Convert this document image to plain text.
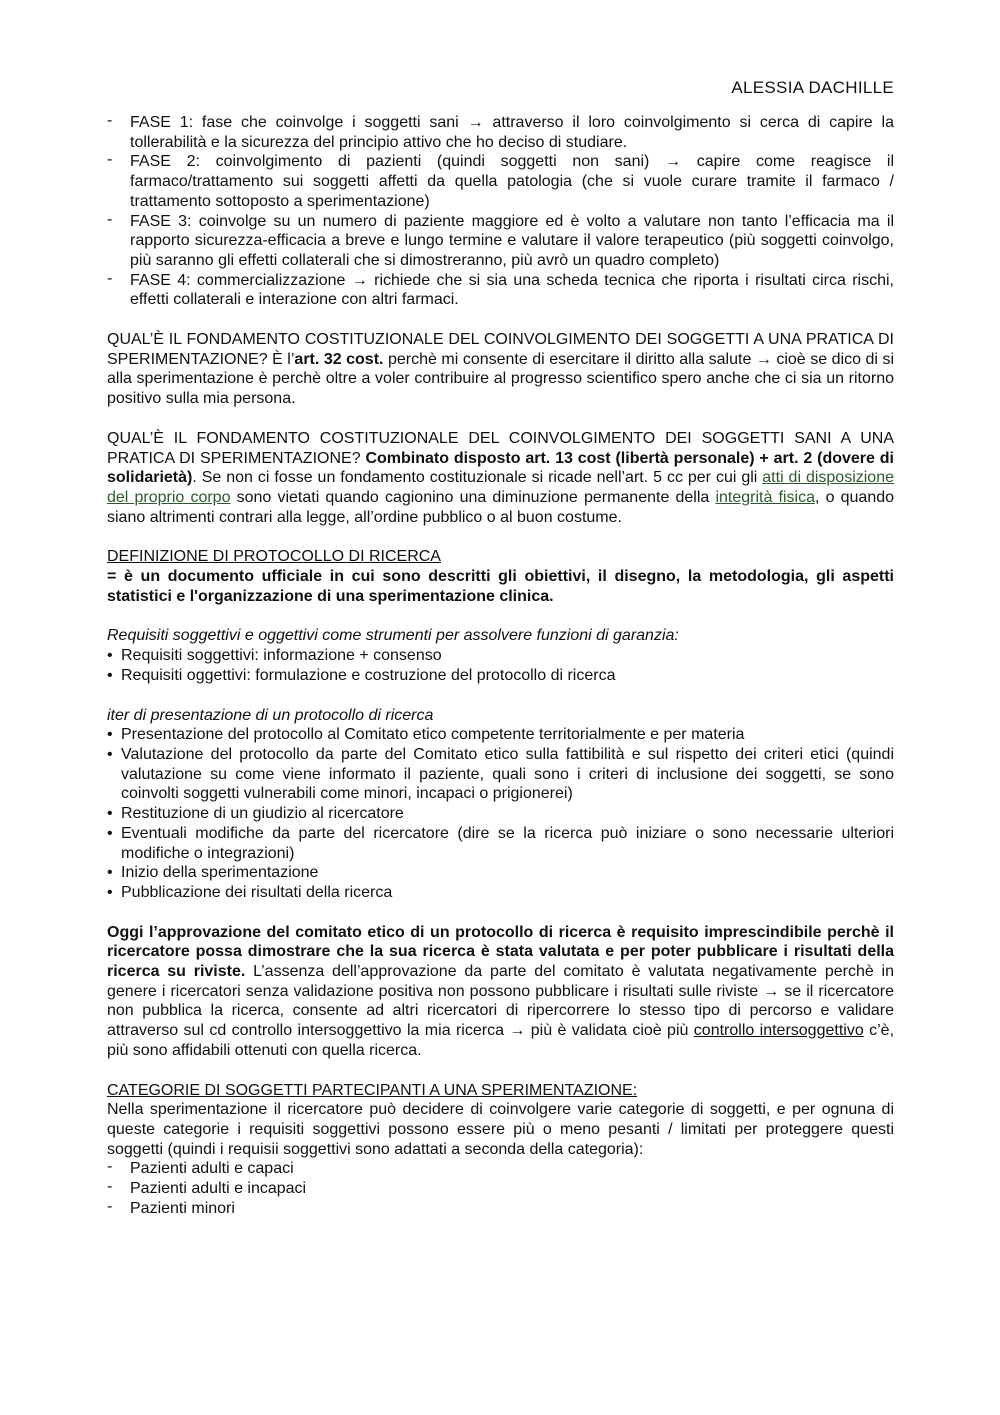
ALESSIA DACHILLE
- FASE 1: fase che coinvolge i soggetti sani → attraverso il loro coinvolgimento si cerca di capire la tollerabilità e la sicurezza del principio attivo che ho deciso di studiare.
- FASE 2: coinvolgimento di pazienti (quindi soggetti non sani) → capire come reagisce il farmaco/trattamento sui soggetti affetti da quella patologia (che si vuole curare tramite il farmaco / trattamento sottoposto a sperimentazione)
- FASE 3: coinvolge su un numero di paziente maggiore ed è volto a valutare non tanto l’efficacia ma il rapporto sicurezza-efficacia a breve e lungo termine e valutare il valore terapeutico (più soggetti coinvolgo, più saranno gli effetti collaterali che si dimostreranno, più avrò un quadro completo)
- FASE 4: commercializzazione → richiede che si sia una scheda tecnica che riporta i risultati circa rischi, effetti collaterali e interazione con altri farmaci.

QUAL’È IL FONDAMENTO COSTITUZIONALE DEL COINVOLGIMENTO DEI SOGGETTI A UNA PRATICA DI SPERIMENTAZIONE? È l’art. 32 cost. perchè mi consente di esercitare il diritto alla salute → cioè se dico di si alla sperimentazione è perchè oltre a voler contribuire al progresso scientifico spero anche che ci sia un ritorno positivo sulla mia persona.

QUAL’È IL FONDAMENTO COSTITUZIONALE DEL COINVOLGIMENTO DEI SOGGETTI SANI A UNA PRATICA DI SPERIMENTAZIONE? Combinato disposto art. 13 cost (libertà personale) + art. 2 (dovere di solidarietà). Se non ci fosse un fondamento costituzionale si ricade nell’art. 5 cc per cui gli atti di disposizione del proprio corpo sono vietati quando cagionino una diminuzione permanente della integrità fisica, o quando siano altrimenti contrari alla legge, all’ordine pubblico o al buon costume.

DEFINIZIONE DI PROTOCOLLO DI RICERCA

= è un documento ufficiale in cui sono descritti gli obiettivi, il disegno, la metodologia, gli aspetti statistici e l'organizzazione di una sperimentazione clinica.

Requisiti soggettivi e oggettivi come strumenti per assolvere funzioni di garanzia:

• Requisiti soggettivi: informazione + consenso
• Requisiti oggettivi: formulazione e costruzione del protocollo di ricerca

iter di presentazione di un protocollo di ricerca

• Presentazione del protocollo al Comitato etico competente territorialmente e per materia
• Valutazione del protocollo da parte del Comitato etico sulla fattibilità e sul rispetto dei criteri etici (quindi valutazione su come viene informato il paziente, quali sono i criteri di inclusione dei soggetti, se sono coinvolti soggetti vulnerabili come minori, incapaci o prigionerei)
• Restituzione di un giudizio al ricercatore
• Eventuali modifiche da parte del ricercatore (dire se la ricerca può iniziare o sono necessarie ulteriori modifiche o integrazioni)
• Inizio della sperimentazione
• Pubblicazione dei risultati della ricerca

Oggi l’approvazione del comitato etico di un protocollo di ricerca è requisito imprescindibile perchè il ricercatore possa dimostrare che la sua ricerca è stata valutata e per poter pubblicare i risultati della ricerca su riviste. L’assenza dell’approvazione da parte del comitato è valutata negativamente perchè in genere i ricercatori senza validazione positiva non possono pubblicare i risultati sulle riviste → se il ricercatore non pubblica la ricerca, consente ad altri ricercatori di ripercorrere lo stesso tipo di percorso e validare attraverso sul cd controllo intersoggettivo la mia ricerca → più è validata cioè più controllo intersoggettivo c’è, più sono affidabili ottenuti con quella ricerca.

CATEGORIE DI SOGGETTI PARTECIPANTI A UNA SPERIMENTAZIONE:

Nella sperimentazione il ricercatore può decidere di coinvolgere varie categorie di soggetti, e per ognuna di queste categorie i requisiti soggettivi possono essere più o meno pesanti / limitati per proteggere questi soggetti (quindi i requisii soggettivi sono adattati a seconda della categoria):

- Pazienti adulti e capaci
- Pazienti adulti e incapaci
- Pazienti minori
